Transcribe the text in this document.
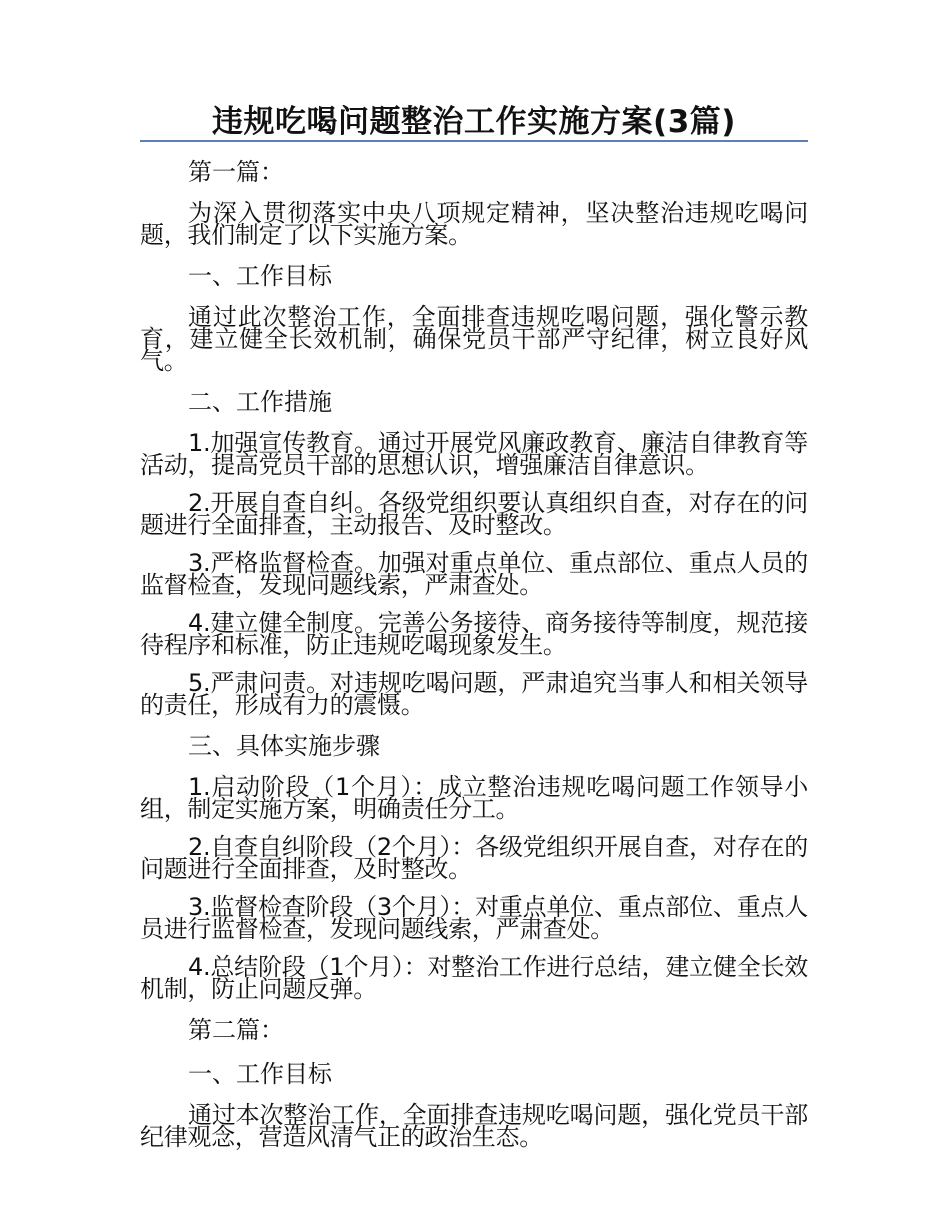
违规吃喝问题整治工作实施方案(3篇)
第一篇：
为深入贯彻落实中央八项规定精神，坚决整治违规吃喝问题，我们制定了以下实施方案。
一、工作目标
通过此次整治工作，全面排查违规吃喝问题，强化警示教育，建立健全长效机制，确保党员干部严守纪律，树立良好风气。
二、工作措施
1.加强宣传教育。通过开展党风廉政教育、廉洁自律教育等活动，提高党员干部的思想认识，增强廉洁自律意识。
2.开展自查自纠。各级党组织要认真组织自查，对存在的问题进行全面排查，主动报告、及时整改。
3.严格监督检查。加强对重点单位、重点部位、重点人员的监督检查，发现问题线索，严肃查处。
4.建立健全制度。完善公务接待、商务接待等制度，规范接待程序和标准，防止违规吃喝现象发生。
5.严肃问责。对违规吃喝问题，严肃追究当事人和相关领导的责任，形成有力的震慑。
三、具体实施步骤
1.启动阶段（1个月）：成立整治违规吃喝问题工作领导小组，制定实施方案，明确责任分工。
2.自查自纠阶段（2个月）：各级党组织开展自查，对存在的问题进行全面排查，及时整改。
3.监督检查阶段（3个月）：对重点单位、重点部位、重点人员进行监督检查，发现问题线索，严肃查处。
4.总结阶段（1个月）：对整治工作进行总结，建立健全长效机制，防止问题反弹。
第二篇：
一、工作目标
通过本次整治工作，全面排查违规吃喝问题，强化党员干部纪律观念，营造风清气正的政治生态。
